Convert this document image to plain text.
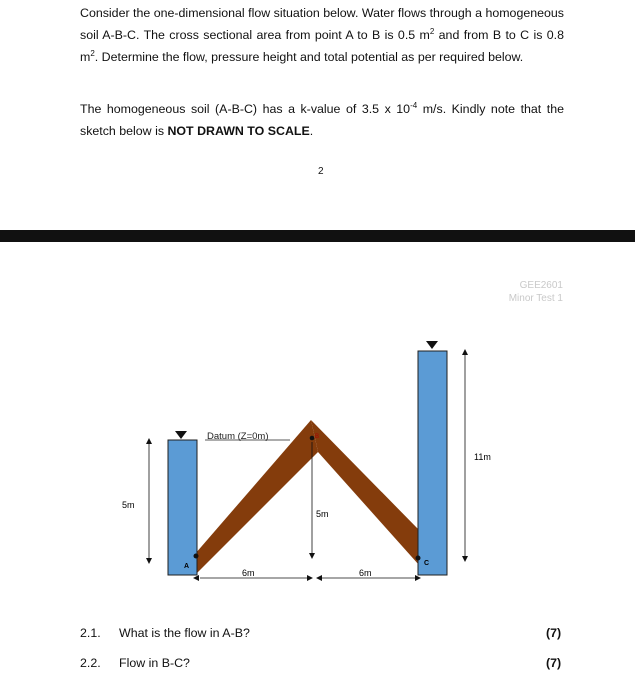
Consider the one-dimensional flow situation below. Water flows through a homogeneous soil A-B-C. The cross sectional area from point A to B is 0.5 $m^2$ and from B to C is 0.8 $m^2$. Determine the flow, pressure height and total potential as per required below.

The homogeneous soil (A-B-C) has a k-value of 3.5 x $10^{-4}$ m/s. Kindly note that the sketch below is NOT DRAWN TO SCALE.

2
GEE2601
Minor Test 1
Datum (Z=0m)
A
B
C
5m
5m
11m
6m	6m
2.1. What is the flow in A-B?	(7)
2.2. Flow in B-C?	(7)
